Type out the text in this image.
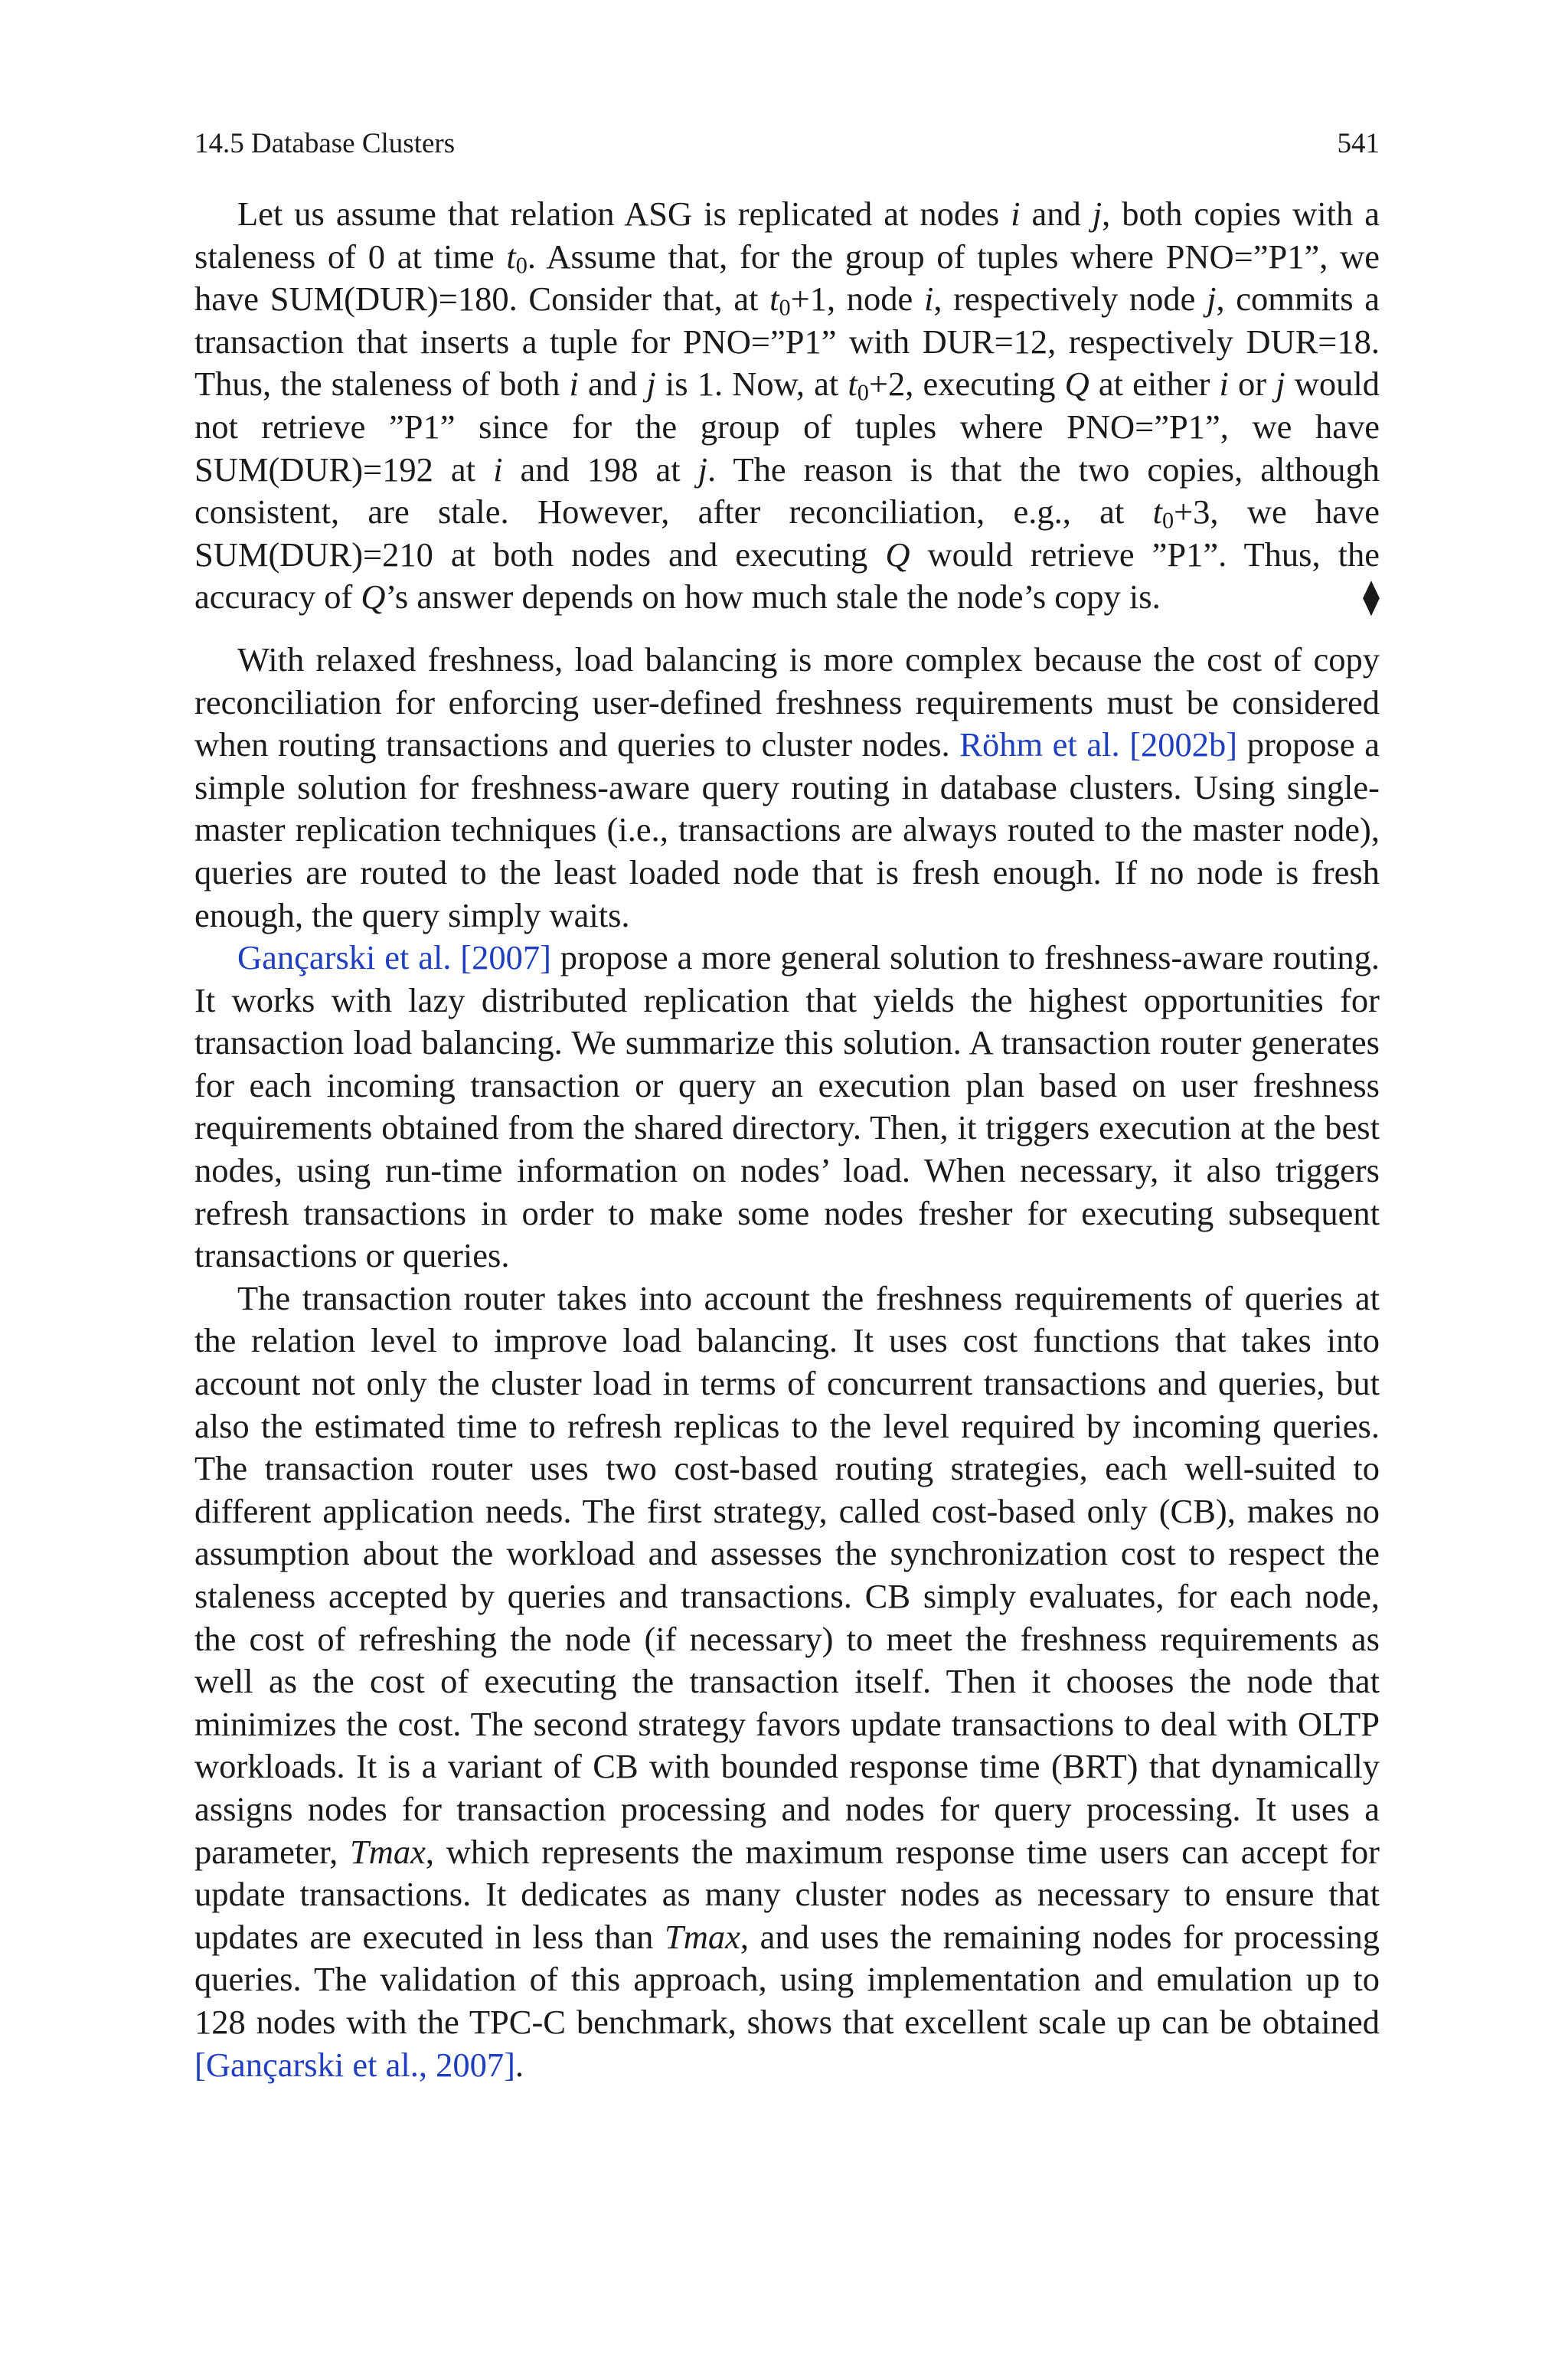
14.5 Database Clusters	541

Let us assume that relation ASG is replicated at nodes i and j, both copies with a staleness of 0 at time $t_0$. Assume that, for the group of tuples where PNO=”P1”, we have SUM(DUR)=180. Consider that, at $t_0+1$, node i, respectively node j, commits a transaction that inserts a tuple for PNO=”P1” with DUR=12, respectively DUR=18. Thus, the staleness of both i and j is 1. Now, at $t_0+2$, executing Q at either i or j would not retrieve ”P1” since for the group of tuples where PNO=”P1”, we have SUM(DUR)=192 at i and 198 at j. The reason is that the two copies, although consistent, are stale. However, after reconciliation, e.g., at $t_0+3$, we have SUM(DUR)=210 at both nodes and executing Q would retrieve ”P1”. Thus, the accuracy of Q’s answer depends on how much stale the node’s copy is.	⧫

With relaxed freshness, load balancing is more complex because the cost of copy reconciliation for enforcing user-defined freshness requirements must be considered when routing transactions and queries to cluster nodes. Röhm et al. [2002b] propose a simple solution for freshness-aware query routing in database clusters. Using single-master replication techniques (i.e., transactions are always routed to the master node), queries are routed to the least loaded node that is fresh enough. If no node is fresh enough, the query simply waits.

Gançarski et al. [2007] propose a more general solution to freshness-aware routing. It works with lazy distributed replication that yields the highest opportunities for transaction load balancing. We summarize this solution. A transaction router generates for each incoming transaction or query an execution plan based on user freshness requirements obtained from the shared directory. Then, it triggers execution at the best nodes, using run-time information on nodes’ load. When necessary, it also triggers refresh transactions in order to make some nodes fresher for executing subsequent transactions or queries.

The transaction router takes into account the freshness requirements of queries at the relation level to improve load balancing. It uses cost functions that takes into account not only the cluster load in terms of concurrent transactions and queries, but also the estimated time to refresh replicas to the level required by incoming queries. The transaction router uses two cost-based routing strategies, each well-suited to different application needs. The first strategy, called cost-based only (CB), makes no assumption about the workload and assesses the synchronization cost to respect the staleness accepted by queries and transactions. CB simply evaluates, for each node, the cost of refreshing the node (if necessary) to meet the freshness requirements as well as the cost of executing the transaction itself. Then it chooses the node that minimizes the cost. The second strategy favors update transactions to deal with OLTP workloads. It is a variant of CB with bounded response time (BRT) that dynamically assigns nodes for transaction processing and nodes for query processing. It uses a parameter, Tmax, which represents the maximum response time users can accept for update transactions. It dedicates as many cluster nodes as necessary to ensure that updates are executed in less than Tmax, and uses the remaining nodes for processing queries. The validation of this approach, using implementation and emulation up to 128 nodes with the TPC-C benchmark, shows that excellent scale up can be obtained [Gançarski et al., 2007].
